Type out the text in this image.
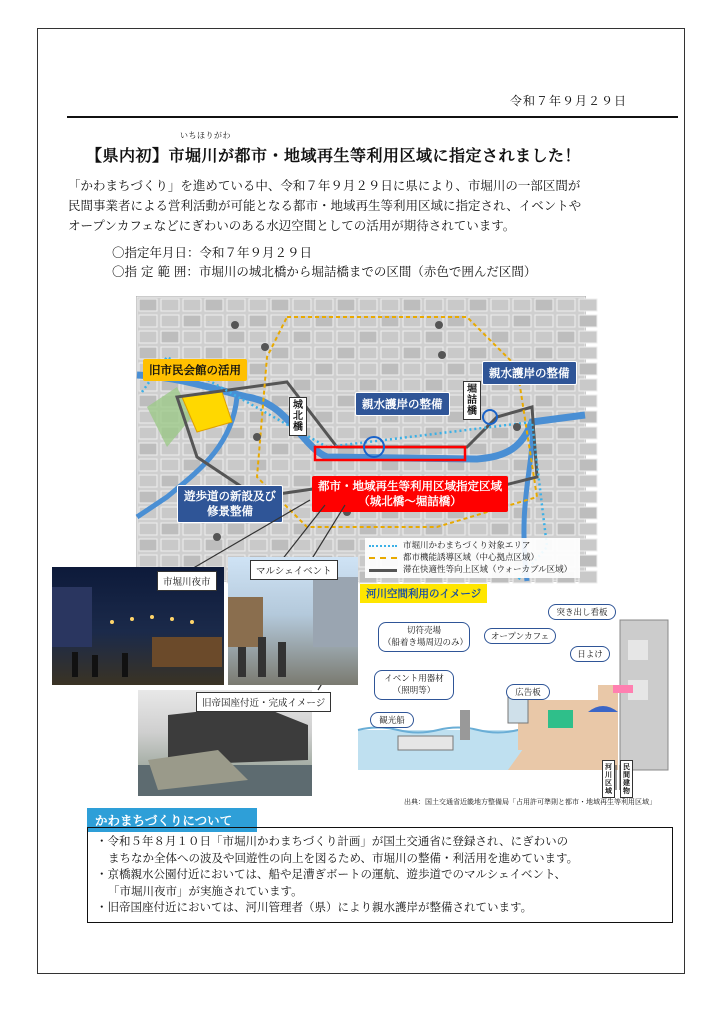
令和７年９月２９日
いちほりがわ
【県内初】市堀川が都市・地域再生等利用区域に指定されました！

「かわまちづくり」を進めている中、令和７年９月２９日に県により、市堀川の一部区間が

民間事業者による営利活動が可能となる都市・地域再生等利用区域に指定され、イベントや

オープンカフェなどにぎわいのある水辺空間としての活用が期待されています。

〇指定年月日：令和７年９月２９日
〇指 定 範 囲：市堀川の城北橋から堀詰橋までの区間（赤色で囲んだ区間）
旧市民会館の活用	親水護岸の整備
親水護岸の整備
遊歩道の新設及び
修景整備
都市・地域再生等利用区域指定区域
（城北橋～堀詰橋）
城北橋
堀詰橋
市堀川かわまちづくり対象エリア
都市機能誘導区域（中心拠点区域）
滞在快適性等向上区域（ウォーカブル区域）
市堀川夜市
マルシェイベント
旧帝国座付近・完成イメージ
河川空間利用のイメージ
切符売場
（船着き場周辺のみ）
オープンカフェ
突き出し看板
日よけ
イベント用器材
（照明等）	広告板
観光船
河川区域
民間建物
出典：国土交通省近畿地方整備局「占用許可準則と都市・地域再生等利用区域」
かわまちづくりについて

・令和５年８月１０日「市堀川かわまちづくり計画」が国土交通省に登録され、にぎわいの

まちなか全体への波及や回遊性の向上を図るため、市堀川の整備・利活用を進めています。

・京橋親水公園付近においては、船や足漕ぎボートの運航、遊歩道でのマルシェイベント、

「市堀川夜市」が実施されています。

・旧帝国座付近においては、河川管理者（県）により親水護岸が整備されています。
